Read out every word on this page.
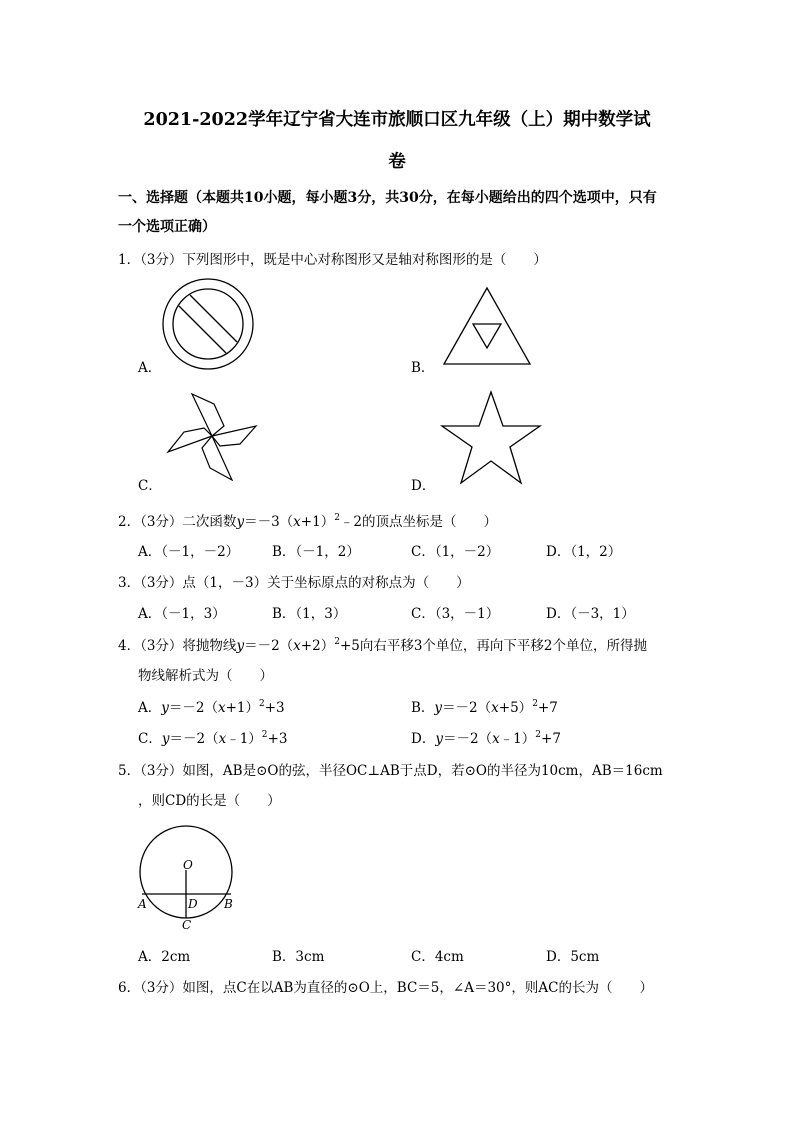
2021-2022学年辽宁省大连市旅顺口区九年级（上）期中数学试
卷
一、选择题（本题共10小题，每小题3分，共30分，在每小题给出的四个选项中，只有
一个选项正确）
1．（3分）下列图形中，既是中心对称图形又是轴对称图形的是（　　）
A．	B．
C．	D．
2．（3分）二次函数$y=-3(x+1)^2﹣2$的顶点坐标是（　　）
A．（－1，－2） B．（－1，2）	C．（1，－2）	D．（1，2）
3．（3分）点（1，－3）关于坐标原点的对称点为（　　）
A．（－1，3）	B．（1，3）	C．（3，－1）	D．（－3，1）
4．（3分）将抛物线$y=-2(x+2)^2+5$向右平移3个单位，再向下平移2个单位，所得抛
物线解析式为（　　）
A．$y=-2(x+1)^2+3$	B．$y=-2(x+5)^2+7$
C．y＝－2（x﹣1）$^2$+3	D．y＝－2（x﹣1）$^2$+7
5．（3分）如图，AB是⊙O的弦，半径OC⊥AB于点D，若⊙O的半径为10cm，AB＝16cm
，则CD的长是（　　）
O
A	D B
C
A．2cm	B．3cm	C．4cm	D．5cm
6．（3分）如图，点C在以AB为直径的⊙O上，BC＝5，∠A＝30°，则AC的长为（　　）
